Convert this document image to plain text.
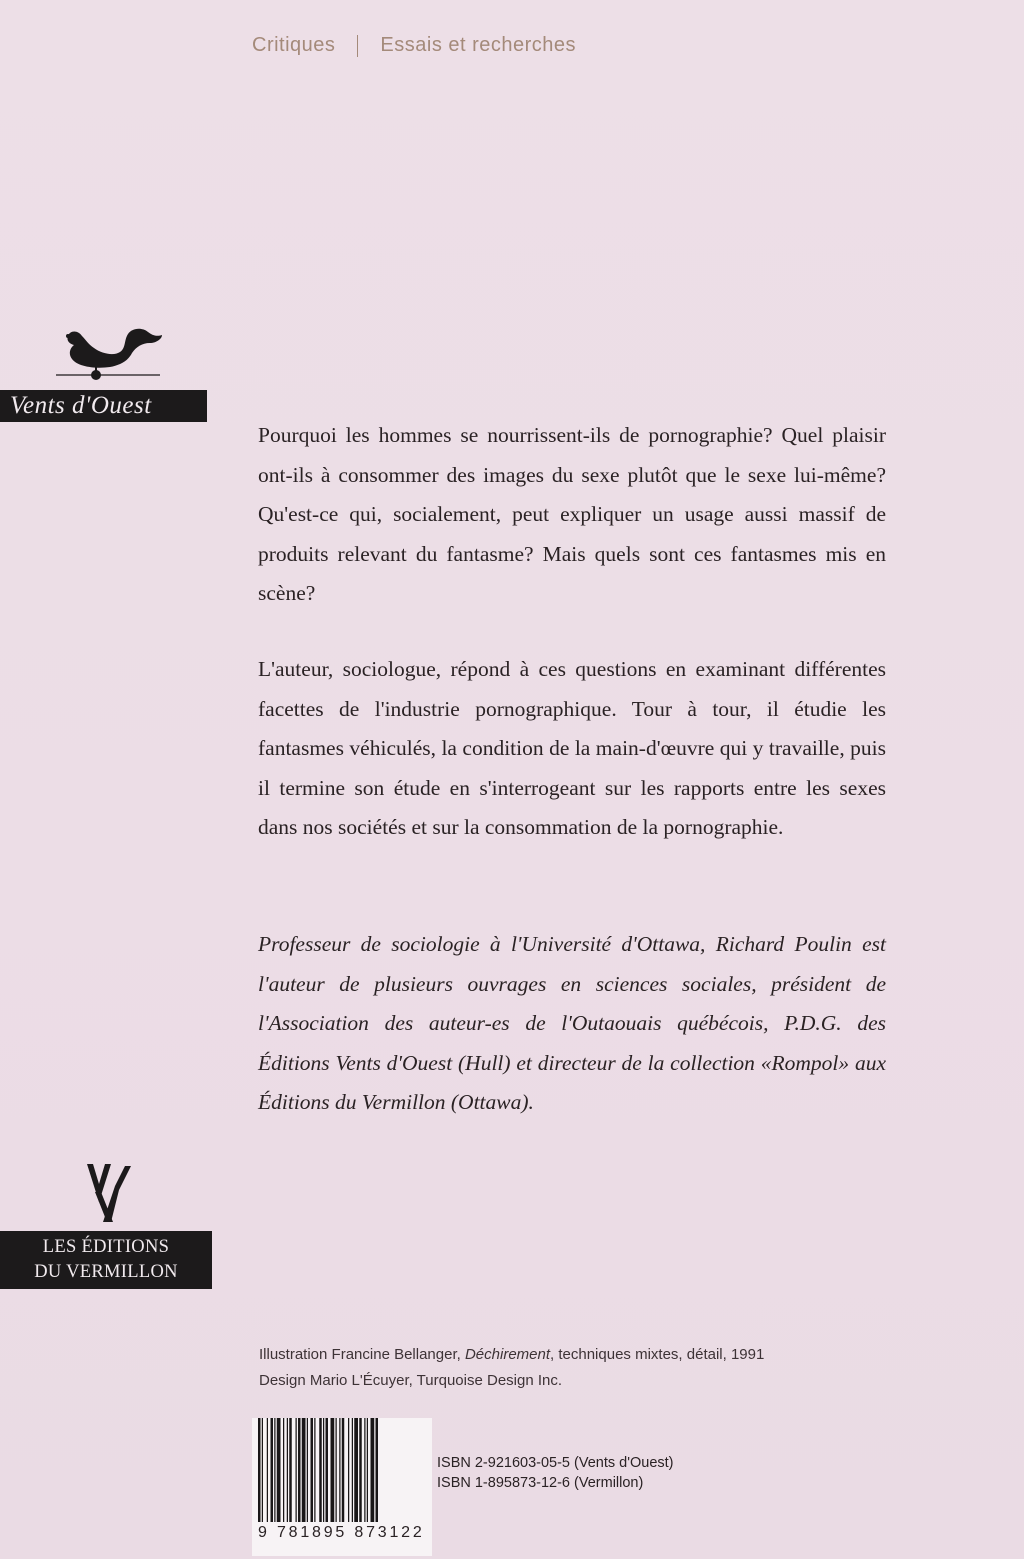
Critiques Essais et recherches
Vents d'Ouest
Pourquoi les hommes se nourrissent-ils de pornographie? Quel plaisir ont-ils à consommer des images du sexe plutôt que le sexe lui-même? Qu'est-ce qui, socialement, peut expliquer un usage aussi massif de produits relevant du fantasme? Mais quels sont ces fantasmes mis en scène?
L'auteur, sociologue, répond à ces questions en examinant différentes facettes de l'industrie pornographique. Tour à tour, il étudie les fantasmes véhiculés, la condition de la main-d'œuvre qui y travaille, puis il termine son étude en s'interrogeant sur les rapports entre les sexes dans nos sociétés et sur la consommation de la pornographie.
Professeur de sociologie à l'Université d'Ottawa, Richard Poulin est l'auteur de plusieurs ouvrages en sciences sociales, président de l'Association des auteur-es de l'Outaouais québécois, P.D.G. des Éditions Vents d'Ouest (Hull) et directeur de la collection «Rompol» aux Éditions du Vermillon (Ottawa).
LES ÉDITIONS
DU VERMILLON
Illustration Francine Bellanger, Déchirement, techniques mixtes, détail, 1991
Design Mario L'Écuyer, Turquoise Design Inc.
9 781895 873122
ISBN 2-921603-05-5 (Vents d'Ouest)
ISBN 1-895873-12-6 (Vermillon)
